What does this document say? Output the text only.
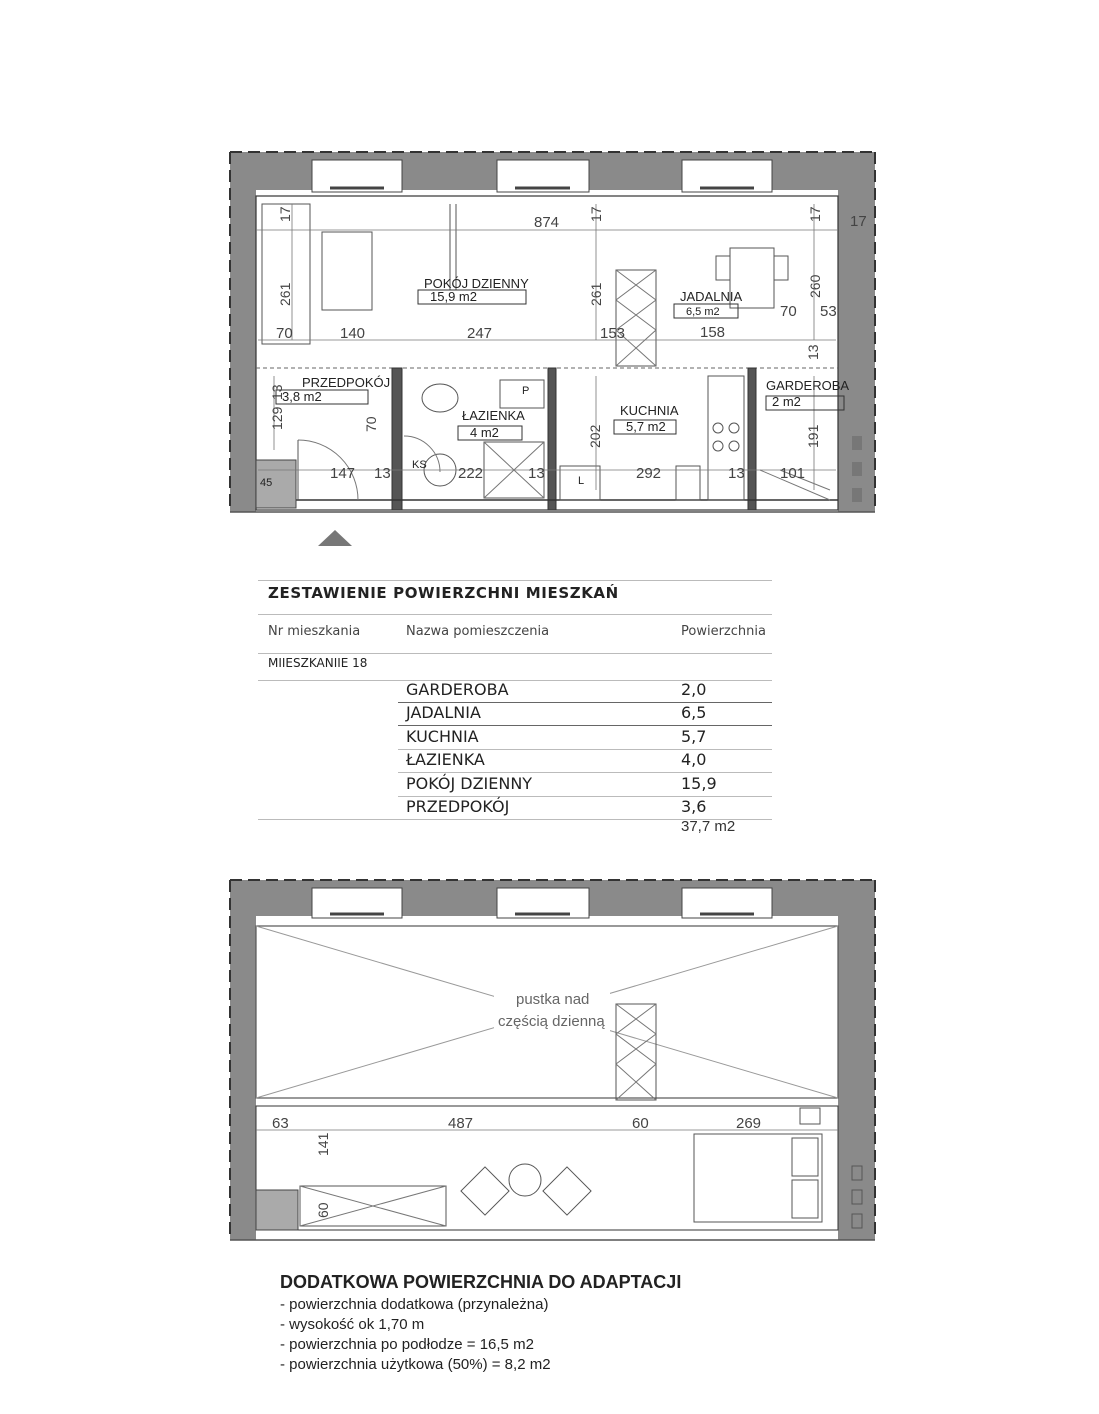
POKÓJ DZIENNY
15,9 m2	JADALNIA
6,5 m2
PRZEDPOKÓJ
3,8 m2
ŁAZIENKA
4 m2
KUCHNIA
5,7 m2
GARDEROBA
2 m2
874
17	17	17 17
261	261	260
70	140	247	153	158
70 53
13
129
13
70
202	191
147 13	222	13	292	13 101
45
KS
P
L
pustka nad
częścią dzienną
63	487	60	269
141
60
ZESTAWIENIE POWIERZCHNI MIESZKAŃ
Nr mieszkania	Nazwa pomieszczenia	Powierzchnia
MIIESZKANIIE 18
GARDEROBA	2,0
JADALNIA	6,5
KUCHNIA	5,7
ŁAZIENKA	4,0
POKÓJ DZIENNY	15,9
PRZEDPOKÓJ	3,6
37,7 m2
DODATKOWA POWIERZCHNIA DO ADAPTACJI
- powierzchnia dodatkowa (przynależna)
- wysokość ok 1,70 m
- powierzchnia po podłodze = 16,5 m2
- powierzchnia użytkowa (50%) = 8,2 m2
